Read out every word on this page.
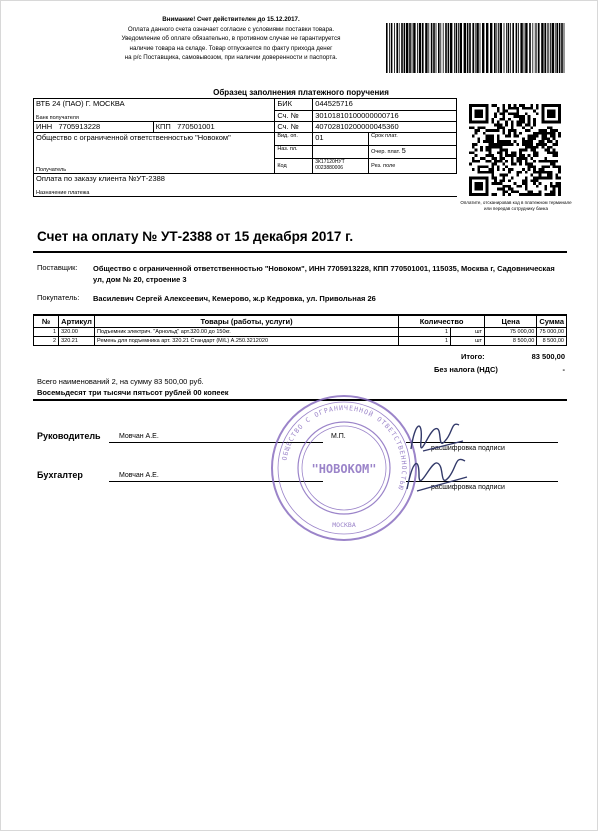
Внимание! Счет действителен до 15.12.2017.
Оплата данного счета означает согласие с условиями поставки товара.
Уведомление об оплате обязательно, в противном случае не гарантируется
наличие товара на складе. Товар отпускается по факту прихода денег
на р/с Поставщика, самовывозом, при наличии доверенности и паспорта.
Образец заполнения платежного поручения
ВТБ 24 (ПАО) Г. МОСКВА
Банк получателя		БИК	044525716	
		Сч. №	30101810100000000716	
ИНН 7705913228	КПП 770501001	Сч. №	40702810200000045360	

Общество с ограниченной ответственностью "Новоком"
Получатель		Вид. оп.	01	Срок плат.
		Наз. пл.		Очер. плат. 5
		Код	3К17120НУТ 0023880006	Рез. поле

Оплата по заказу клиента №УТ-2388
Назначение платежа				
Оплатите, отсканировав код в платежном терминале или передав сотруднику банка
Счет на оплату № УТ-2388 от 15 декабря 2017 г.
Поставщик: Общество с ограниченной ответственностью "Новоком", ИНН 7705913228, КПП 770501001, 115035, Москва г, Садовническая ул, дом № 20, строение 3
Покупатель: Василевич Сергей Алексеевич, Кемерово, ж.р Кедровка, ул. Привольная 26
№	Артикул	Товары (работы, услуги)	Количество		Цена	Сумма
1	320.00	Подъемник электрич. "Арнольд" арт.320.00 до 150кг.	1	шт	75 000,00	75 000,00
2	320.21	Ремень для подъемника арт. 320.21 Стандарт (M/L) А.250.3212020	1	шт	8 500,00	8 500,00
Итого:	83 500,00
Без налога (НДС)	-
Всего наименований 2, на сумму 83 500,00 руб.
Восемьдесят три тысячи пятьсот рублей 00 копеек
Руководитель	Мовчан А.Е.	М.П.
расшифровка подписи
Бухгалтер	Мовчан А.Е.
расшифровка подписи
ОБЩЕСТВО С ОГРАНИЧЕННОЙ ОТВЕТСТВЕННОСТЬЮ
"НОВОКОМ"
МОСКВА
